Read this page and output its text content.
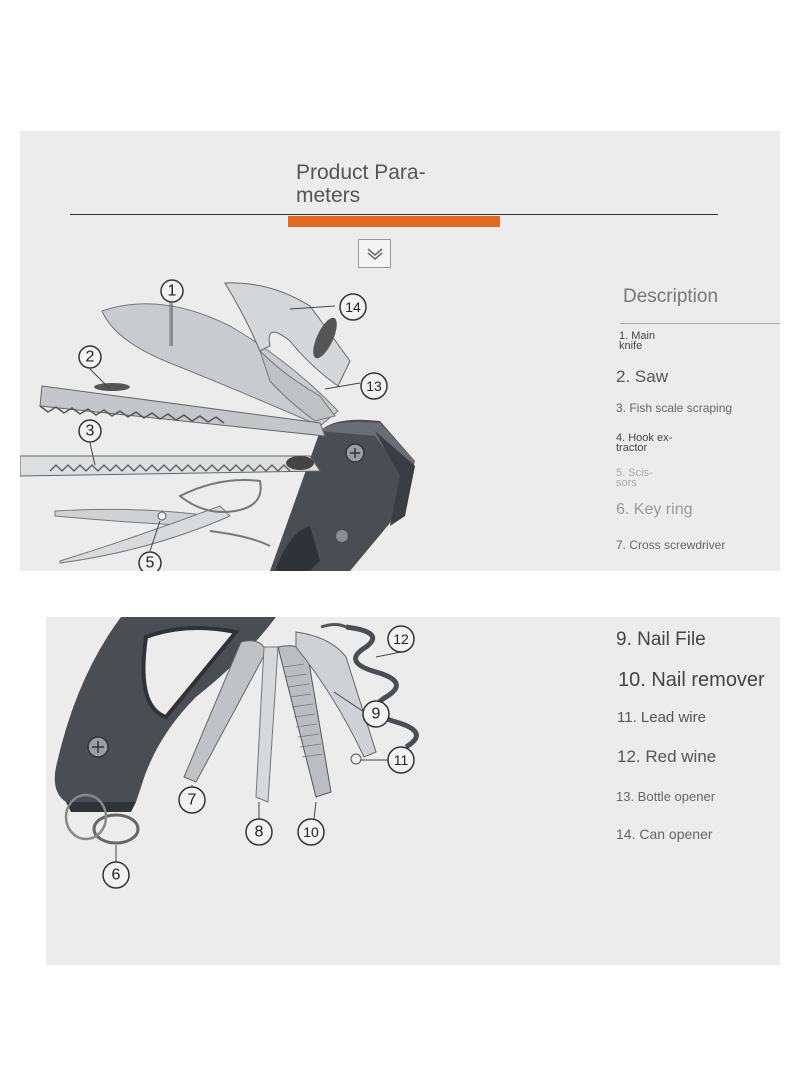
1
2
3
5
13
14
Product Para-
meters
Description
1. Main
knife
2. Saw
3. Fish scale scraping
4. Hook ex-
tractor
5. Scis-
sors
6. Key ring
7. Cross screwdriver
6
7
8
9
10
11
12	9. Nail File
10. Nail remover
11. Lead wire
12. Red wine
13. Bottle opener
14. Can opener
